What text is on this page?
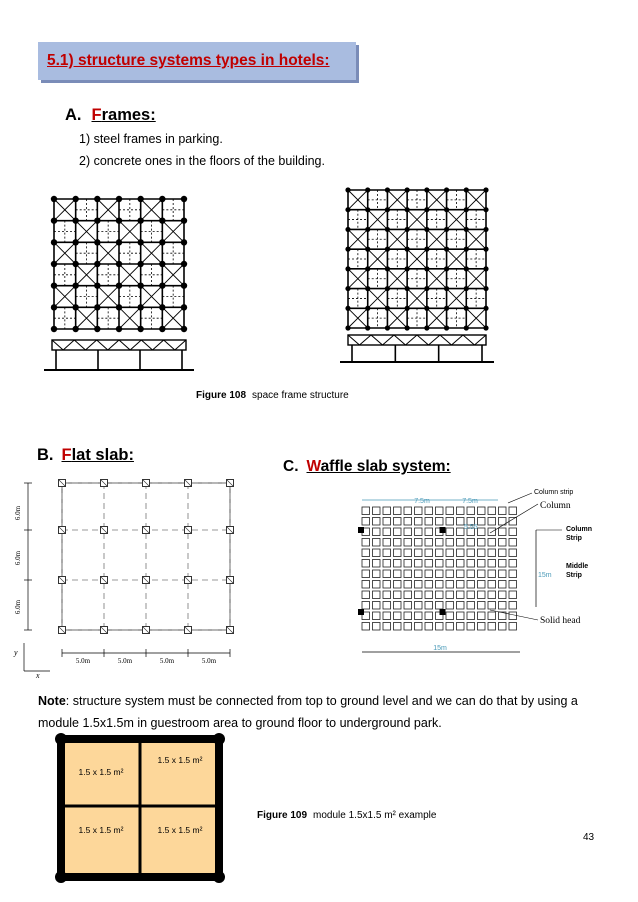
5.1) structure systems types in hotels:
A. Frames:
1) steel frames in parking.
2) concrete ones in the floors of the building.
Figure 108 space frame structure
B. Flat slab:
6.0m
6.0m
6.0m
5.0m	5.0m	5.0m	5.0m
y
x
C. Waffle slab system:
7.5m	7.5m
5.55
15m
15m
Column strip
Column
Column
Strip
Middle
Strip
Solid head
Note: structure system must be connected from top to ground level and we can do that by using a
module 1.5x1.5m in guestroom area to ground floor to underground park.
1.5 x 1.5 m²
1.5 x 1.5 m²
1.5 x 1.5 m²	1.5 x 1.5 m²
Figure 109 module 1.5x1.5 m² example
43
